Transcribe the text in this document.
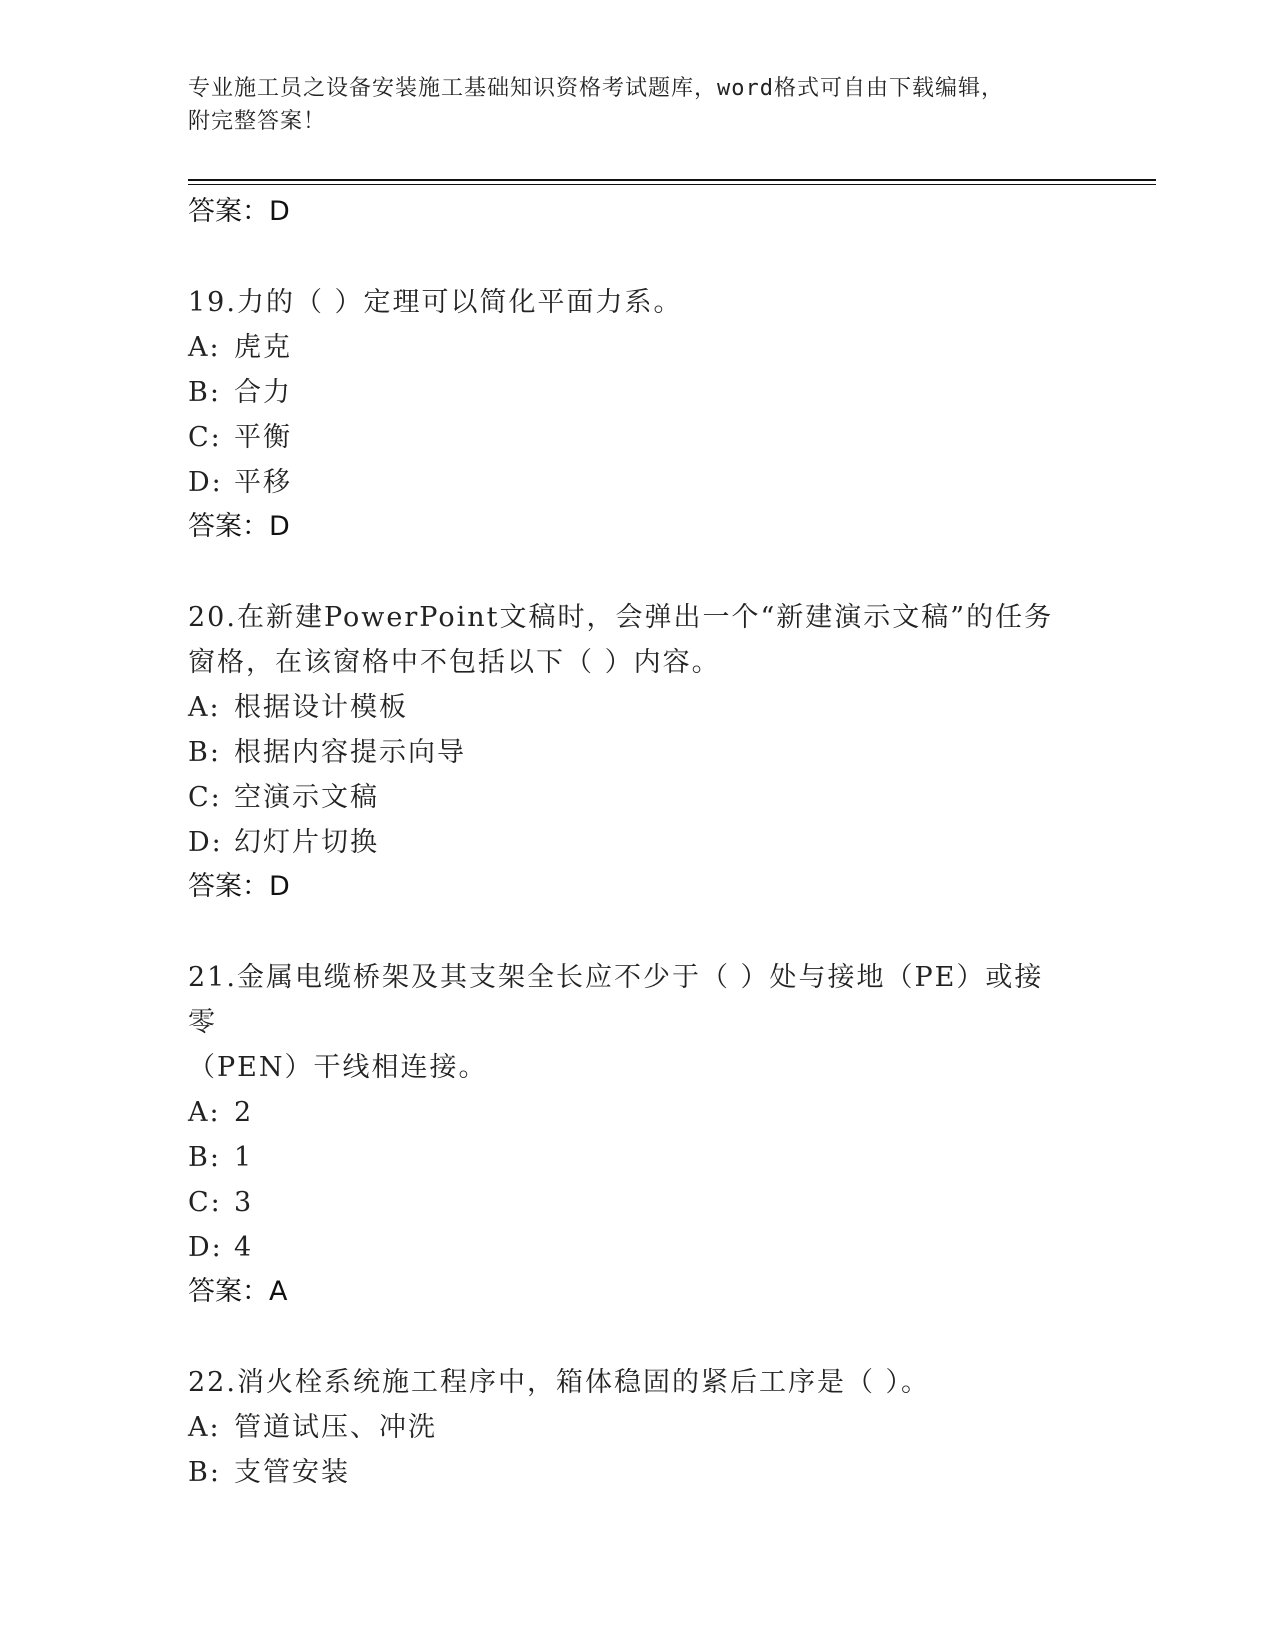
专业施工员之设备安装施工基础知识资格考试题库，word格式可自由下载编辑，
附完整答案！
答案：D
19.力的（ ）定理可以简化平面力系。
A: 虎克
B: 合力
C: 平衡
D: 平移
答案：D
20.在新建PowerPoint文稿时，会弹出一个“新建演示文稿”的任务
窗格，在该窗格中不包括以下（ ）内容。
A: 根据设计模板
B: 根据内容提示向导
C: 空演示文稿
D: 幻灯片切换
答案：D
21.金属电缆桥架及其支架全长应不少于（ ）处与接地（PE）或接零
（PEN）干线相连接。
A: 2
B: 1
C: 3
D: 4
答案：A
22.消火栓系统施工程序中，箱体稳固的紧后工序是（ ）。
A: 管道试压、冲洗
B: 支管安装
